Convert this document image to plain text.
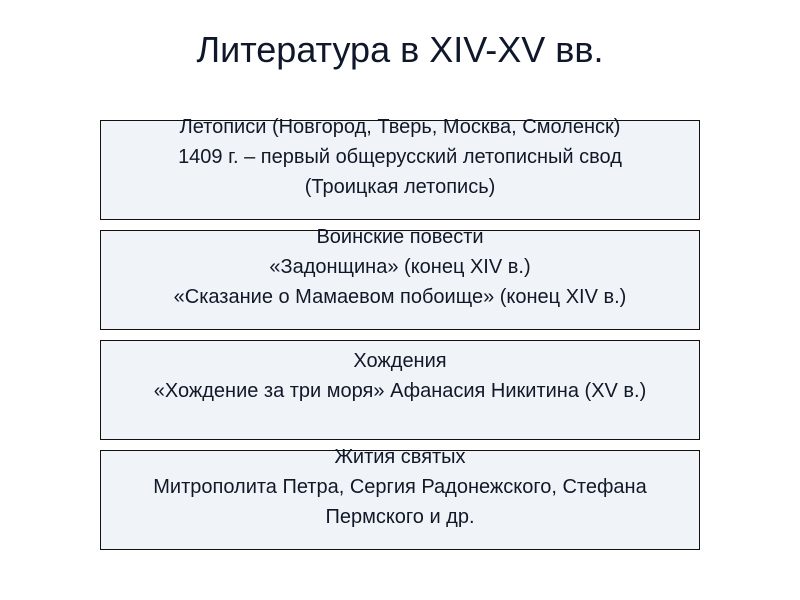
Литература в XIV-XV вв.
Летописи (Новгород, Тверь, Москва, Смоленск)
1409 г. – первый общерусский летописный свод
(Троицкая летопись)
Воинские повести
«Задонщина» (конец XIV в.)
«Сказание о Мамаевом побоище» (конец XIV в.)
Хождения
«Хождение за три моря» Афанасия Никитина (XV в.)
Жития святых
Митрополита Петра, Сергия Радонежского, Стефана
Пермского и др.
